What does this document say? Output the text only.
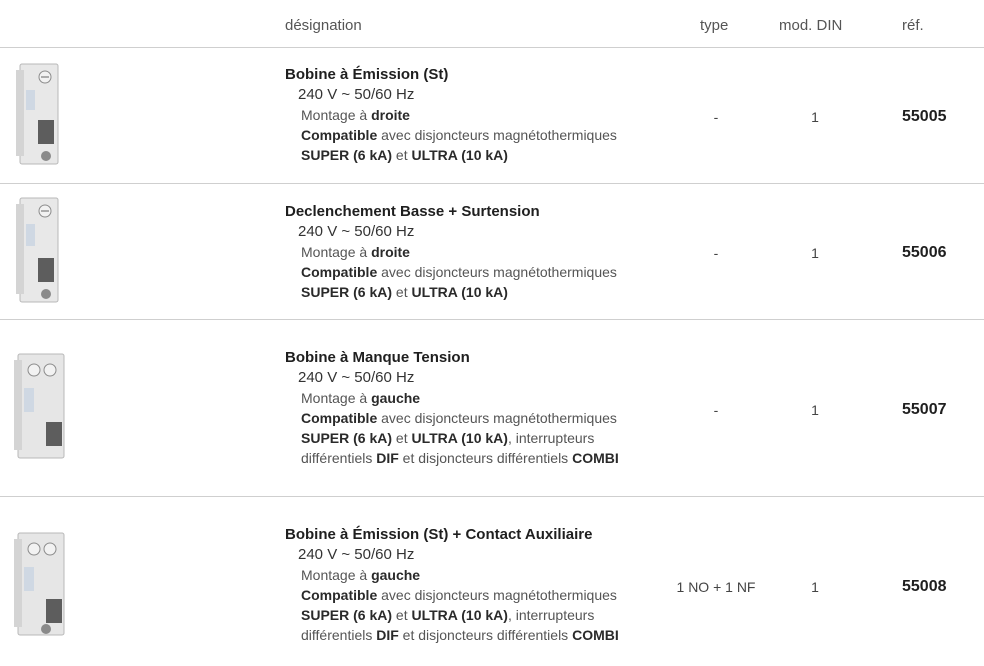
désignation	type	mod. DIN	réf.
Bobine à Émission (St)
240 V ~ 50/60 Hz
Montage à droite
Compatible avec disjoncteurs magnétothermiques
SUPER (6 kA) et ULTRA (10 kA)
-	1	55005
Declenchement Basse + Surtension
240 V ~ 50/60 Hz
Montage à droite
Compatible avec disjoncteurs magnétothermiques
SUPER (6 kA) et ULTRA (10 kA)
-	1	55006
Bobine à Manque Tension
240 V ~ 50/60 Hz
Montage à gauche
Compatible avec disjoncteurs magnétothermiques
SUPER (6 kA) et ULTRA (10 kA), interrupteurs
différentiels DIF et disjoncteurs différentiels COMBI
-	1	55007
Bobine à Émission (St) + Contact Auxiliaire
240 V ~ 50/60 Hz
Montage à gauche
Compatible avec disjoncteurs magnétothermiques
SUPER (6 kA) et ULTRA (10 kA), interrupteurs
différentiels DIF et disjoncteurs différentiels COMBI
1 NO + 1 NF	1	55008
